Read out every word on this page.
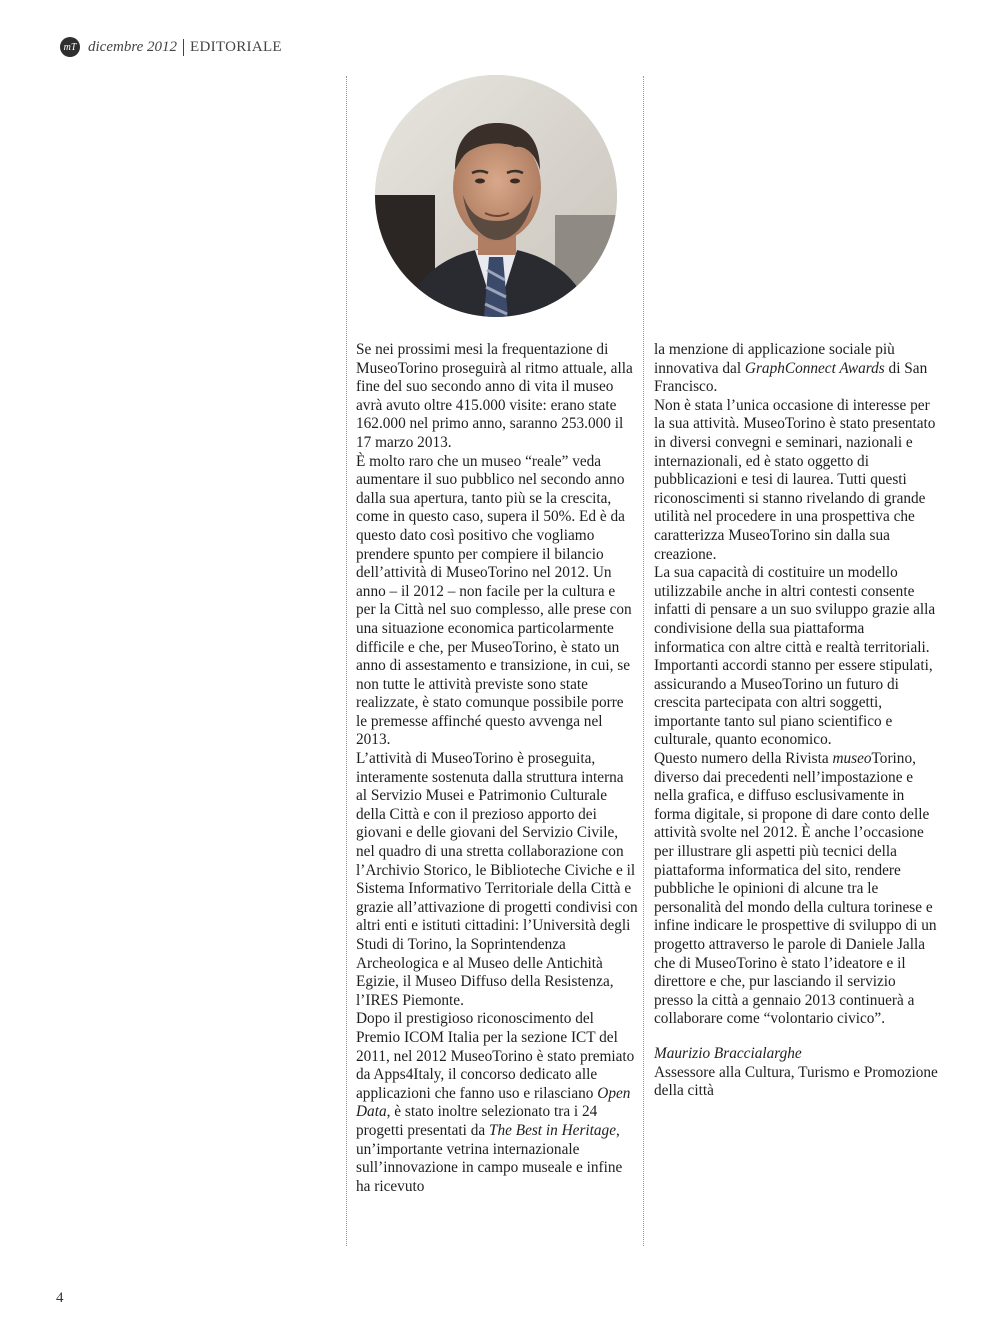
mT dicembre 2012 EDITORIALE

Se nei prossimi mesi la frequentazione di MuseoTorino proseguirà al ritmo attuale, alla fine del suo secondo anno di vita il museo avrà avuto oltre 415.000 visite: erano state 162.000 nel primo anno, saranno 253.000 il 17 marzo 2013.

È molto raro che un museo “reale” veda aumentare il suo pubblico nel secondo anno dalla sua apertura, tanto più se la crescita, come in questo caso, supera il 50%. Ed è da questo dato così positivo che vogliamo prendere spunto per compiere il bilancio dell’attività di MuseoTorino nel 2012. Un anno – il 2012 – non facile per la cultura e per la Città nel suo complesso, alle prese con una situazione economica particolarmente difficile e che, per MuseoTorino, è stato un anno di assestamento e transizione, in cui, se non tutte le attività previste sono state realizzate, è stato comunque possibile porre le premesse affinché questo avvenga nel 2013.

L’attività di MuseoTorino è proseguita, interamente sostenuta dalla struttura interna al Servizio Musei e Patrimonio Culturale della Città e con il prezioso apporto dei giovani e delle giovani del Servizio Civile, nel quadro di una stretta collaborazione con l’Archivio Storico, le Biblioteche Civiche e il Sistema Informativo Territoriale della Città e grazie all’attivazione di progetti condivisi con altri enti e istituti cittadini: l’Università degli Studi di Torino, la Soprintendenza Archeologica e al Museo delle Antichità Egizie, il Museo Diffuso della Resistenza, l’IRES Piemonte.

Dopo il prestigioso riconoscimento del Premio ICOM Italia per la sezione ICT del 2011, nel 2012 MuseoTorino è stato premiato da Apps4Italy, il concorso dedicato alle applicazioni che fanno uso e rilasciano Open Data, è stato inoltre selezionato tra i 24 progetti presentati da The Best in Heritage, un’importante vetrina internazionale sull’innovazione in campo museale e infine ha ricevuto

la menzione di applicazione sociale più innovativa dal GraphConnect Awards di San Francisco.

Non è stata l’unica occasione di interesse per la sua attività. MuseoTorino è stato presentato in diversi convegni e seminari, nazionali e internazionali, ed è stato oggetto di pubblicazioni e tesi di laurea. Tutti questi riconoscimenti si stanno rivelando di grande utilità nel procedere in una prospettiva che caratterizza MuseoTorino sin dalla sua creazione.

La sua capacità di costituire un modello utilizzabile anche in altri contesti consente infatti di pensare a un suo sviluppo grazie alla condivisione della sua piattaforma informatica con altre città e realtà territoriali. Importanti accordi stanno per essere stipulati, assicurando a MuseoTorino un futuro di crescita partecipata con altri soggetti, importante tanto sul piano scientifico e culturale, quanto economico.

Questo numero della Rivista museoTorino, diverso dai precedenti nell’impostazione e nella grafica, e diffuso esclusivamente in forma digitale, si propone di dare conto delle attività svolte nel 2012. È anche l’occasione per illustrare gli aspetti più tecnici della piattaforma informatica del sito, rendere pubbliche le opinioni di alcune tra le personalità del mondo della cultura torinese e infine indicare le prospettive di sviluppo di un progetto attraverso le parole di Daniele Jalla che di MuseoTorino è stato l’ideatore e il direttore e che, pur lasciando il servizio presso la città a gennaio 2013 continuerà a collaborare come “volontario civico”.

Maurizio Braccialarghe

Assessore alla Cultura, Turismo e Promozione della città

4
